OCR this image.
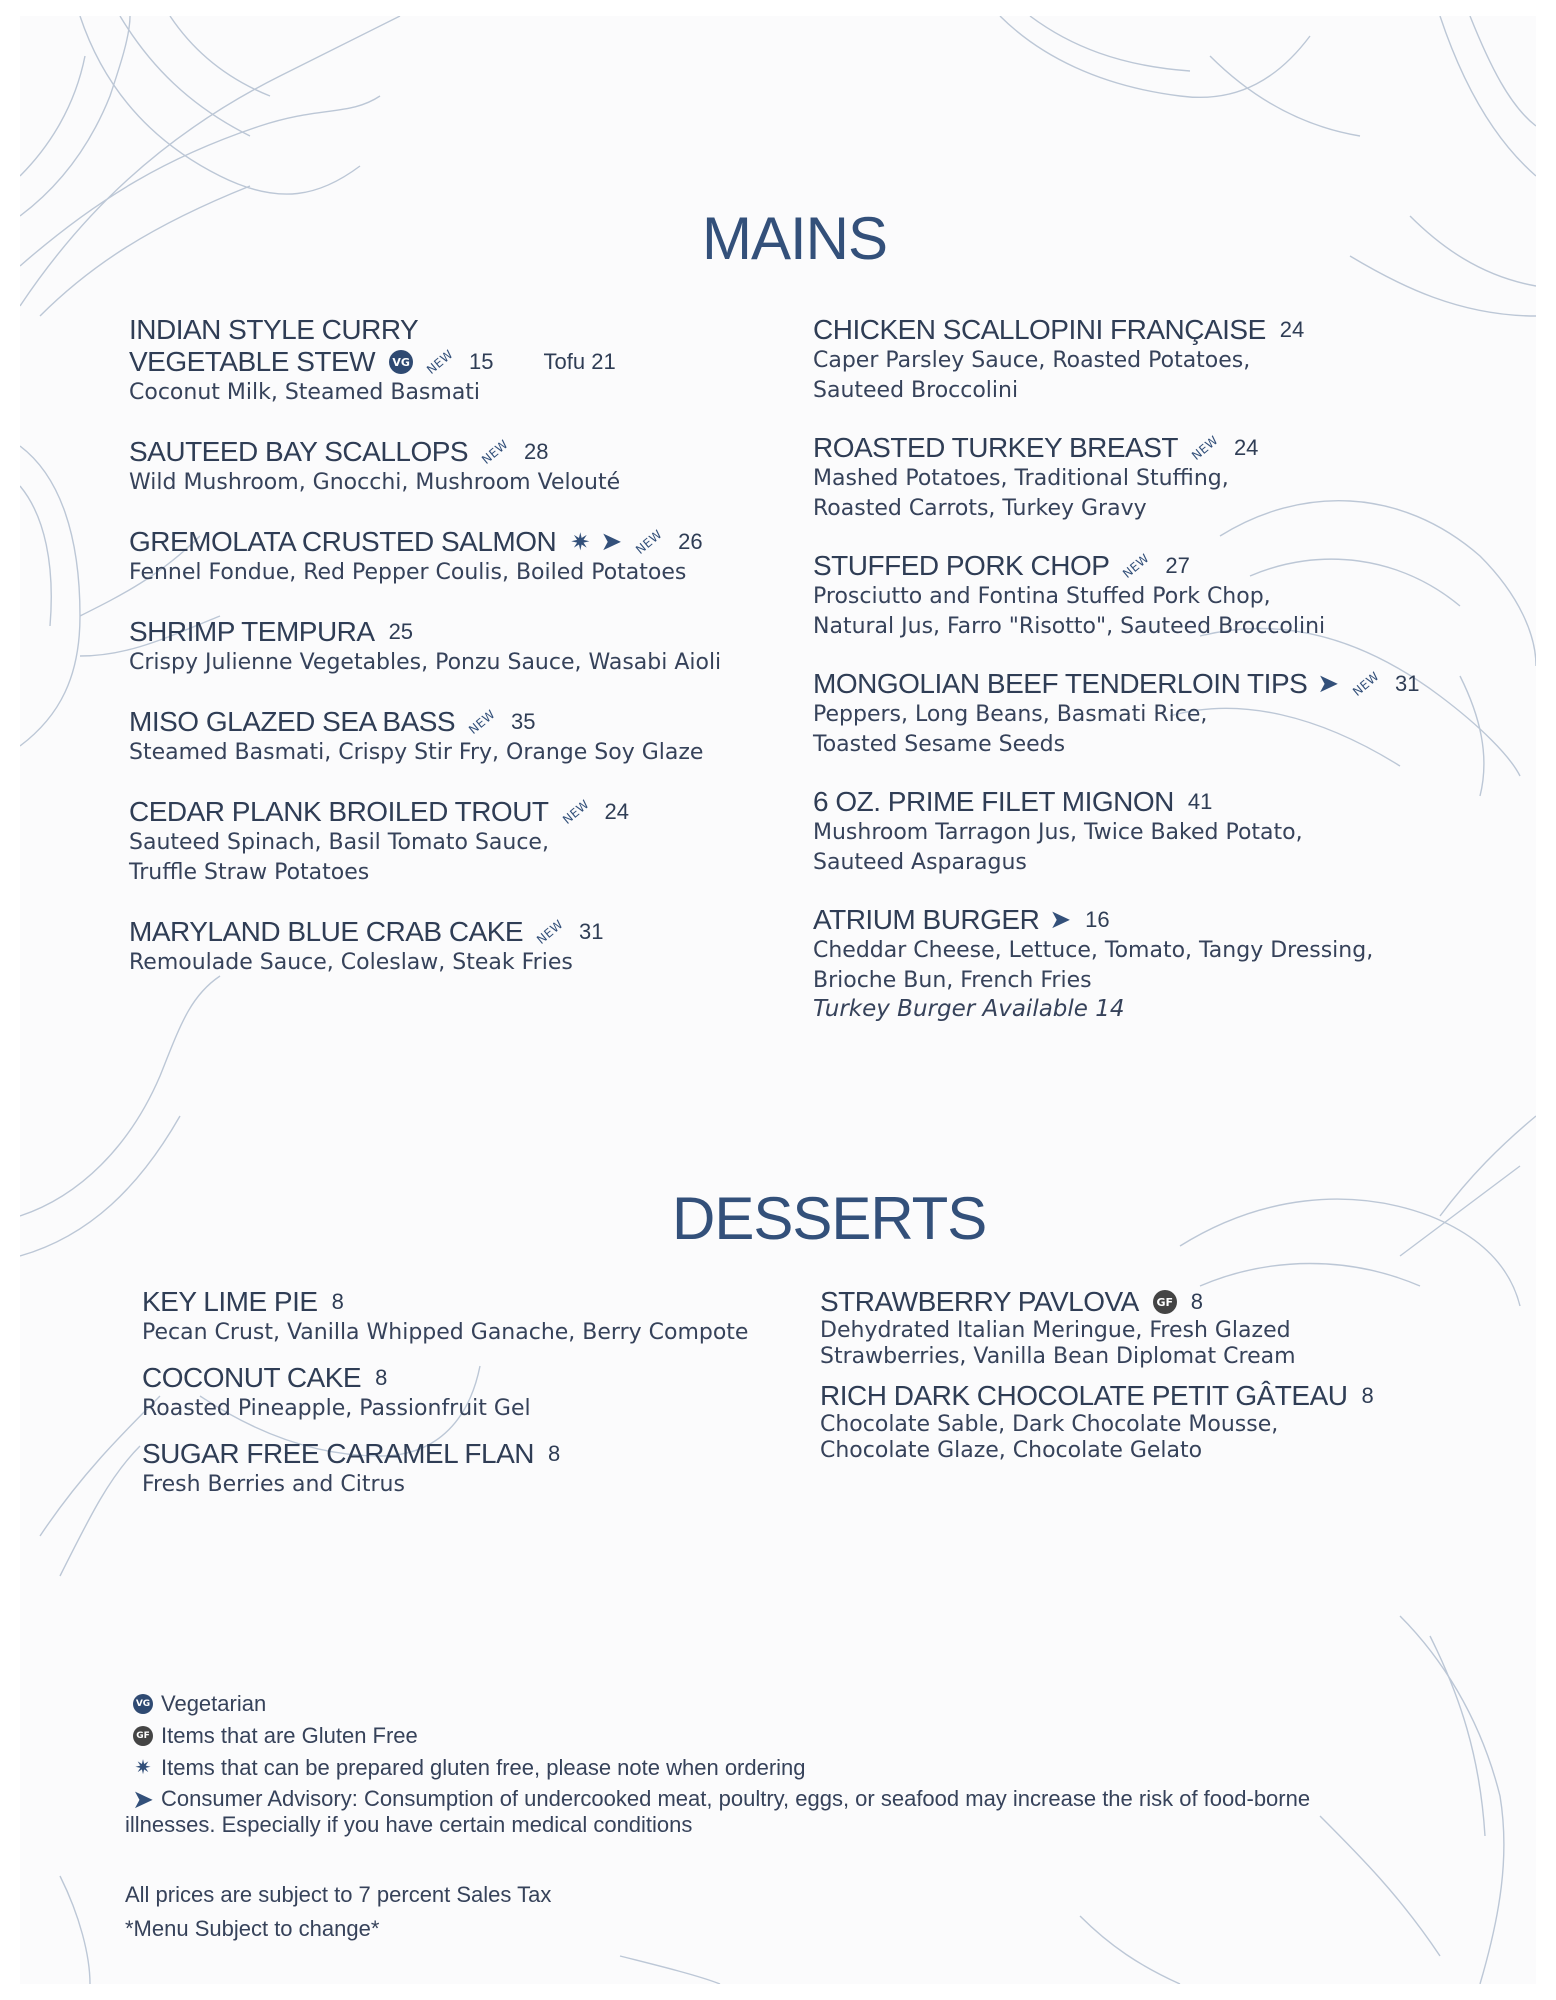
MAINS
INDIAN STYLE CURRY
VEGETABLE STEW VG NEW 15 Tofu 21
Coconut Milk, Steamed Basmati
SAUTEED BAY SCALLOPS NEW 28
Wild Mushroom, Gnocchi, Mushroom Velouté
GREMOLATA CRUSTED SALMON ✷ ➤ NEW 26
Fennel Fondue, Red Pepper Coulis, Boiled Potatoes
SHRIMP TEMPURA 25
Crispy Julienne Vegetables, Ponzu Sauce, Wasabi Aioli
MISO GLAZED SEA BASS NEW 35
Steamed Basmati, Crispy Stir Fry, Orange Soy Glaze
CEDAR PLANK BROILED TROUT NEW 24
Sauteed Spinach, Basil Tomato Sauce,
Truffle Straw Potatoes
MARYLAND BLUE CRAB CAKE NEW 31
Remoulade Sauce, Coleslaw, Steak Fries
CHICKEN SCALLOPINI FRANÇAISE 24
Caper Parsley Sauce, Roasted Potatoes,
Sauteed Broccolini
ROASTED TURKEY BREAST NEW 24
Mashed Potatoes, Traditional Stuffing,
Roasted Carrots, Turkey Gravy
STUFFED PORK CHOP NEW 27
Prosciutto and Fontina Stuffed Pork Chop,
Natural Jus, Farro "Risotto", Sauteed Broccolini
MONGOLIAN BEEF TENDERLOIN TIPS ➤ NEW 31
Peppers, Long Beans, Basmati Rice,
Toasted Sesame Seeds
6 OZ. PRIME FILET MIGNON 41
Mushroom Tarragon Jus, Twice Baked Potato,
Sauteed Asparagus
ATRIUM BURGER ➤ 16
Cheddar Cheese, Lettuce, Tomato, Tangy Dressing,
Brioche Bun, French Fries
Turkey Burger Available 14
DESSERTS
KEY LIME PIE 8
Pecan Crust, Vanilla Whipped Ganache, Berry Compote
COCONUT CAKE 8
Roasted Pineapple, Passionfruit Gel
SUGAR FREE CARAMEL FLAN 8
Fresh Berries and Citrus
STRAWBERRY PAVLOVA	GF 8
Dehydrated Italian Meringue, Fresh Glazed
Strawberries, Vanilla Bean Diplomat Cream
RICH DARK CHOCOLATE PETIT GÂTEAU 8
Chocolate Sable, Dark Chocolate Mousse,
Chocolate Glaze, Chocolate Gelato
VG Vegetarian
GF Items that are Gluten Free
✷ Items that can be prepared gluten free, please note when ordering
➤ Consumer Advisory: Consumption of undercooked meat, poultry, eggs, or seafood may increase the risk of food-borne
illnesses. Especially if you have certain medical conditions
All prices are subject to 7 percent Sales Tax
*Menu Subject to change*
